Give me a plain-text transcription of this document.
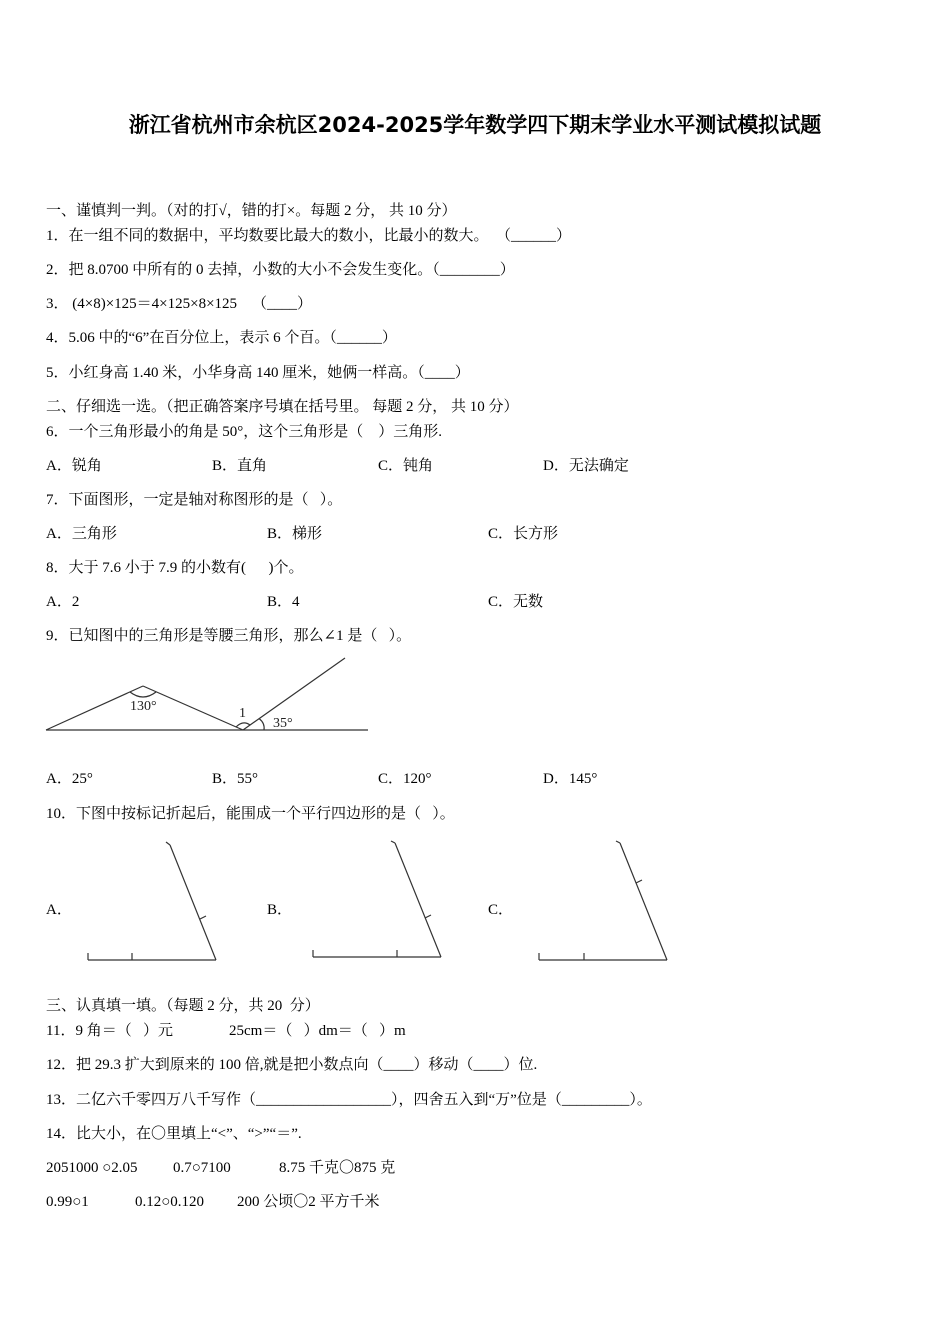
浙江省杭州市余杭区2024-2025学年数学四下期末学业水平测试模拟试题
一、谨慎判一判。（对的打√，错的打×。每题 2 分， 共 10 分）
1．在一组不同的数据中，平均数要比最大的数小，比最小的数大。  （______）
2．把 8.0700 中所有的 0 去掉，小数的大小不会发生变化。（________）
3． (4×8)×125＝4×125×8×125    （____）
4．5.06 中的“6”在百分位上，表示 6 个百。（______）
5．小红身高 1.40 米，小华身高 140 厘米，她俩一样高。（____）
二、仔细选一选。（把正确答案序号填在括号里。 每题 2 分， 共 10 分）
6．一个三角形最小的角是 50°，这个三角形是（    ）三角形.
A．锐角	B．直角	C．钝角	D．无法确定
7．下面图形，一定是轴对称图形的是（   ）。
A．三角形	B．梯形	C．长方形
8．大于 7.6 小于 7.9 的小数有(      )个。
A．2	B．4	C．无数
9．已知图中的三角形是等腰三角形，那么∠1 是（   ）。
130°	1
35°
A．25°	B．55°	C．120°	D．145°
10．下图中按标记折起后，能围成一个平行四边形的是（   ）。
A．	B．	C．
三、认真填一填。（每题 2 分，共 20  分）
11．9 角＝（   ）元	25cm＝（   ）dm＝（   ）m
12．把 29.3 扩大到原来的 100 倍,就是把小数点向（____）移动（____）位.
13．二亿六千零四万八千写作（__________________），四舍五入到“万”位是（_________）。
14．比大小，在〇里填上“<”、“>”“＝”.
2051000 ○2.05 0.7○7100	8.75 千克〇875 克
0.99○1	0.12○0.120 200 公顷〇2 平方千米
